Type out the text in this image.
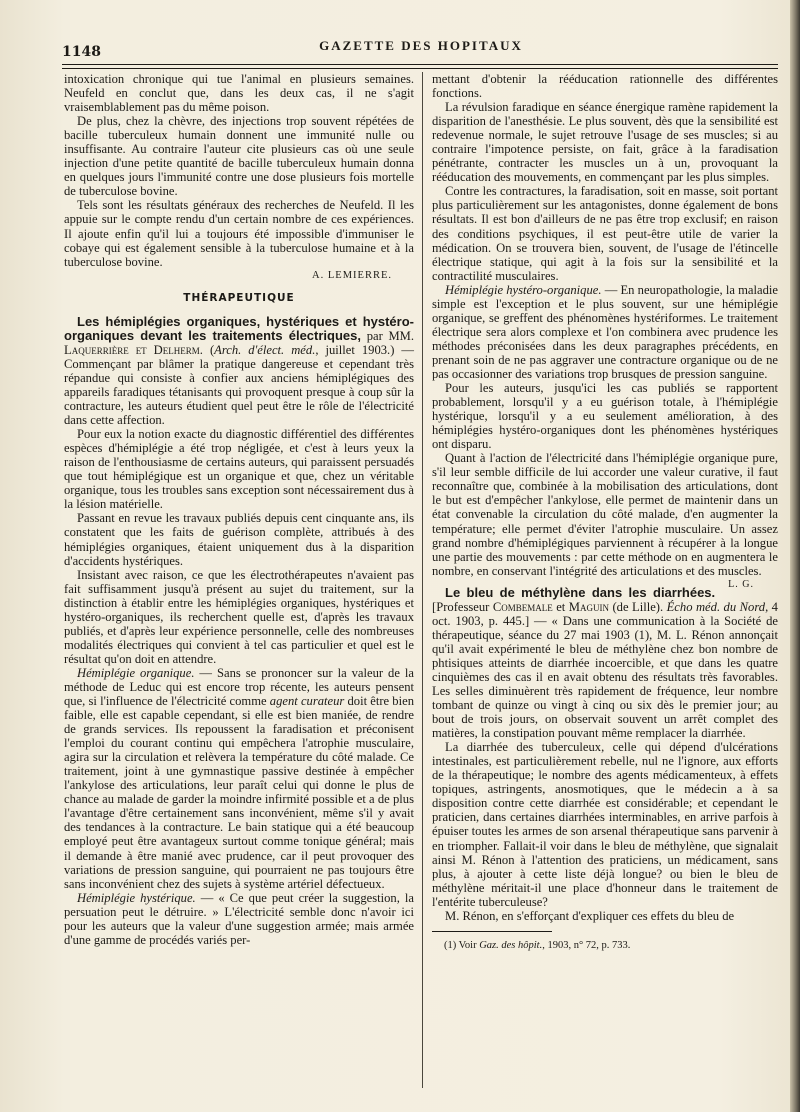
1148	GAZETTE DES HOPITAUX

intoxication chronique qui tue l'animal en plusieurs semaines. Neufeld en conclut que, dans les deux cas, il ne s'agit vraisemblablement pas du même poison.

De plus, chez la chèvre, des injections trop souvent répétées de bacille tuberculeux humain donnent une immunité nulle ou insuffisante. Au contraire l'auteur cite plusieurs cas où une seule injection d'une petite quantité de bacille tuberculeux humain donna en quelques jours l'immunité contre une dose plusieurs fois mortelle de tuberculose bovine.

Tels sont les résultats généraux des recherches de Neufeld. Il les appuie sur le compte rendu d'un certain nombre de ces expériences. Il ajoute enfin qu'il lui a toujours été impossible d'immuniser le cobaye qui est également sensible à la tuberculose humaine et à la tuberculose bovine.

A. LEMIERRE.
THÉRAPEUTIQUE

Les hémiplégies organiques, hystériques et hystéro-organiques devant les traitements électriques, par MM. Laquerrière et Delherm. (Arch. d'élect. méd., juillet 1903.) — Commençant par blâmer la pratique dangereuse et cependant très répandue qui consiste à confier aux anciens hémiplégiques des appareils faradiques tétanisants qui provoquent presque à coup sûr la contracture, les auteurs étudient quel peut être le rôle de l'électricité dans cette affection.

Pour eux la notion exacte du diagnostic différentiel des différentes espèces d'hémiplégie a été trop négligée, et c'est à leurs yeux la raison de l'enthousiasme de certains auteurs, qui paraissent persuadés que tout hémiplégique est un organique et que, chez un véritable organique, tous les troubles sans exception sont nécessairement dus à la lésion matérielle.

Passant en revue les travaux publiés depuis cent cinquante ans, ils constatent que les faits de guérison complète, attribués à des hémiplégies organiques, étaient uniquement dus à la disparition d'accidents hystériques.

Insistant avec raison, ce que les électrothérapeutes n'avaient pas fait suffisamment jusqu'à présent au sujet du traitement, sur la distinction à établir entre les hémiplégies organiques, hystériques et hystéro-organiques, ils recherchent quelle est, d'après les travaux publiés, et d'après leur expérience personnelle, celle des nombreuses modalités électriques qui convient à tel cas particulier et quel est le résultat qu'on doit en attendre.

Hémiplégie organique. — Sans se prononcer sur la valeur de la méthode de Leduc qui est encore trop récente, les auteurs pensent que, si l'influence de l'électricité comme agent curateur doit être bien faible, elle est capable cependant, si elle est bien maniée, de rendre de grands services. Ils repoussent la faradisation et préconisent l'emploi du courant continu qui empêchera l'atrophie musculaire, agira sur la circulation et relèvera la température du côté malade. Ce traitement, joint à une gymnastique passive destinée à empêcher l'ankylose des articulations, leur paraît celui qui donne le plus de chance au malade de garder la moindre infirmité possible et a de plus l'avantage d'être certainement sans inconvénient, même s'il y avait des tendances à la contracture. Le bain statique qui a été beaucoup employé peut être avantageux surtout comme tonique général; mais il demande à être manié avec prudence, car il peut provoquer des variations de pression sanguine, qui pourraient ne pas toujours être sans inconvénient chez des sujets à système artériel défectueux.

Hémiplégie hystérique. — « Ce que peut créer la suggestion, la persuation peut le détruire. » L'électricité semble donc n'avoir ici pour les auteurs que la valeur d'une suggestion armée; mais armée d'une gamme de procédés variés per-

mettant d'obtenir la rééducation rationnelle des différentes fonctions.

La révulsion faradique en séance énergique ramène rapidement la disparition de l'anesthésie. Le plus souvent, dès que la sensibilité est redevenue normale, le sujet retrouve l'usage de ses muscles; si au contraire l'impotence persiste, on fait, grâce à la faradisation pénétrante, contracter les muscles un à un, provoquant la rééducation des mouvements, en commençant par les plus simples.

Contre les contractures, la faradisation, soit en masse, soit portant plus particulièrement sur les antagonistes, donne également de bons résultats. Il est bon d'ailleurs de ne pas être trop exclusif; en raison des conditions psychiques, il est peut-être utile de varier la médication. On se trouvera bien, souvent, de l'usage de l'étincelle électrique statique, qui agit à la fois sur la sensibilité et la contractilité musculaires.

Hémiplégie hystéro-organique. — En neuropathologie, la maladie simple est l'exception et le plus souvent, sur une hémiplégie organique, se greffent des phénomènes hystériformes. Le traitement électrique sera alors complexe et l'on combinera avec prudence les méthodes préconisées dans les deux paragraphes précédents, en prenant soin de ne pas aggraver une contracture organique ou de ne pas occasionner des variations trop brusques de pression sanguine.

Pour les auteurs, jusqu'ici les cas publiés se rapportent probablement, lorsqu'il y a eu guérison totale, à l'hémiplégie hystérique, lorsqu'il y a eu seulement amélioration, à des hémiplégies hystéro-organiques dont les phénomènes hystériques ont disparu.

Quant à l'action de l'électricité dans l'hémiplégie organique pure, s'il leur semble difficile de lui accorder une valeur curative, il faut reconnaître que, combinée à la mobilisation des articulations, dont le but est d'empêcher l'ankylose, elle permet de maintenir dans un état convenable la circulation du côté malade, d'en augmenter la température; elle permet d'éviter l'atrophie musculaire. Un assez grand nombre d'hémiplégiques parviennent à récupérer à la longue une partie des mouvements : par cette méthode on en augmentera le nombre, en conservant l'intégrité des articulations et des muscles.
L. G.

Le bleu de méthylène dans les diarrhées. [Professeur Combemale et Maguin (de Lille). Écho méd. du Nord, 4 oct. 1903, p. 445.] — « Dans une communication à la Société de thérapeutique, séance du 27 mai 1903 (1), M. L. Rénon annonçait qu'il avait expérimenté le bleu de méthylène chez bon nombre de phtisiques atteints de diarrhée incoercible, et que dans les quatre cinquièmes des cas il en avait obtenu des résultats très favorables. Les selles diminuèrent très rapidement de fréquence, leur nombre tombant de quinze ou vingt à cinq ou six dès le premier jour; au bout de trois jours, on observait souvent un arrêt complet des matières, la constipation pouvant même remplacer la diarrhée.

La diarrhée des tuberculeux, celle qui dépend d'ulcérations intestinales, est particulièrement rebelle, nul ne l'ignore, aux efforts de la thérapeutique; le nombre des agents médicamenteux, à effets topiques, astringents, anosmotiques, que le médecin a à sa disposition contre cette diarrhée est considérable; et cependant le praticien, dans certaines diarrhées interminables, en arrive parfois à épuiser toutes les armes de son arsenal thérapeutique sans parvenir à en triompher. Fallait-il voir dans le bleu de méthylène, que signalait ainsi M. Rénon à l'attention des praticiens, un médicament, sans plus, à ajouter à cette liste déjà longue? ou bien le bleu de méthylène méritait-il une place d'honneur dans le traitement de l'entérite tuberculeuse?

M. Rénon, en s'efforçant d'expliquer ces effets du bleu de

(1) Voir Gaz. des hôpit., 1903, n° 72, p. 733.
